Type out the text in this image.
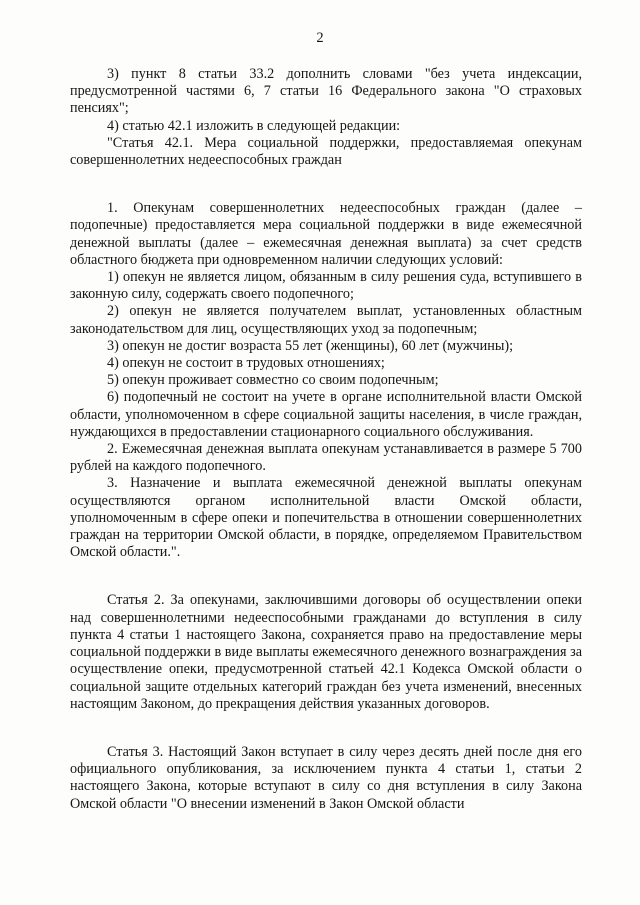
2

3) пункт 8 статьи 33.2 дополнить словами "без учета индексации, предусмотренной частями 6, 7 статьи 16 Федерального закона "О страховых пенсиях";

4) статью 42.1 изложить в следующей редакции:

"Статья 42.1. Мера социальной поддержки, предоставляемая опекунам совершеннолетних недееспособных граждан

1. Опекунам совершеннолетних недееспособных граждан (далее – подопечные) предоставляется мера социальной поддержки в виде ежемесячной денежной выплаты (далее – ежемесячная денежная выплата) за счет средств областного бюджета при одновременном наличии следующих условий:

1) опекун не является лицом, обязанным в силу решения суда, вступившего в законную силу, содержать своего подопечного;

2) опекун не является получателем выплат, установленных областным законодательством для лиц, осуществляющих уход за подопечным;

3) опекун не достиг возраста 55 лет (женщины), 60 лет (мужчины);

4) опекун не состоит в трудовых отношениях;

5) опекун проживает совместно со своим подопечным;

6) подопечный не состоит на учете в органе исполнительной власти Омской области, уполномоченном в сфере социальной защиты населения, в числе граждан, нуждающихся в предоставлении стационарного социального обслуживания.

2. Ежемесячная денежная выплата опекунам устанавливается в размере 5 700 рублей на каждого подопечного.

3. Назначение и выплата ежемесячной денежной выплаты опекунам осуществляются органом исполнительной власти Омской области, уполномоченным в сфере опеки и попечительства в отношении совершеннолетних граждан на территории Омской области, в порядке, определяемом Правительством Омской области.".

Статья 2. За опекунами, заключившими договоры об осуществлении опеки над совершеннолетними недееспособными гражданами до вступления в силу пункта 4 статьи 1 настоящего Закона, сохраняется право на предоставление меры социальной поддержки в виде выплаты ежемесячного денежного вознаграждения за осуществление опеки, предусмотренной статьей 42.1 Кодекса Омской области о социальной защите отдельных категорий граждан без учета изменений, внесенных настоящим Законом, до прекращения действия указанных договоров.

Статья 3. Настоящий Закон вступает в силу через десять дней после дня его официального опубликования, за исключением пункта 4 статьи 1, статьи 2 настоящего Закона, которые вступают в силу со дня вступления в силу Закона Омской области "О внесении изменений в Закон Омской области
